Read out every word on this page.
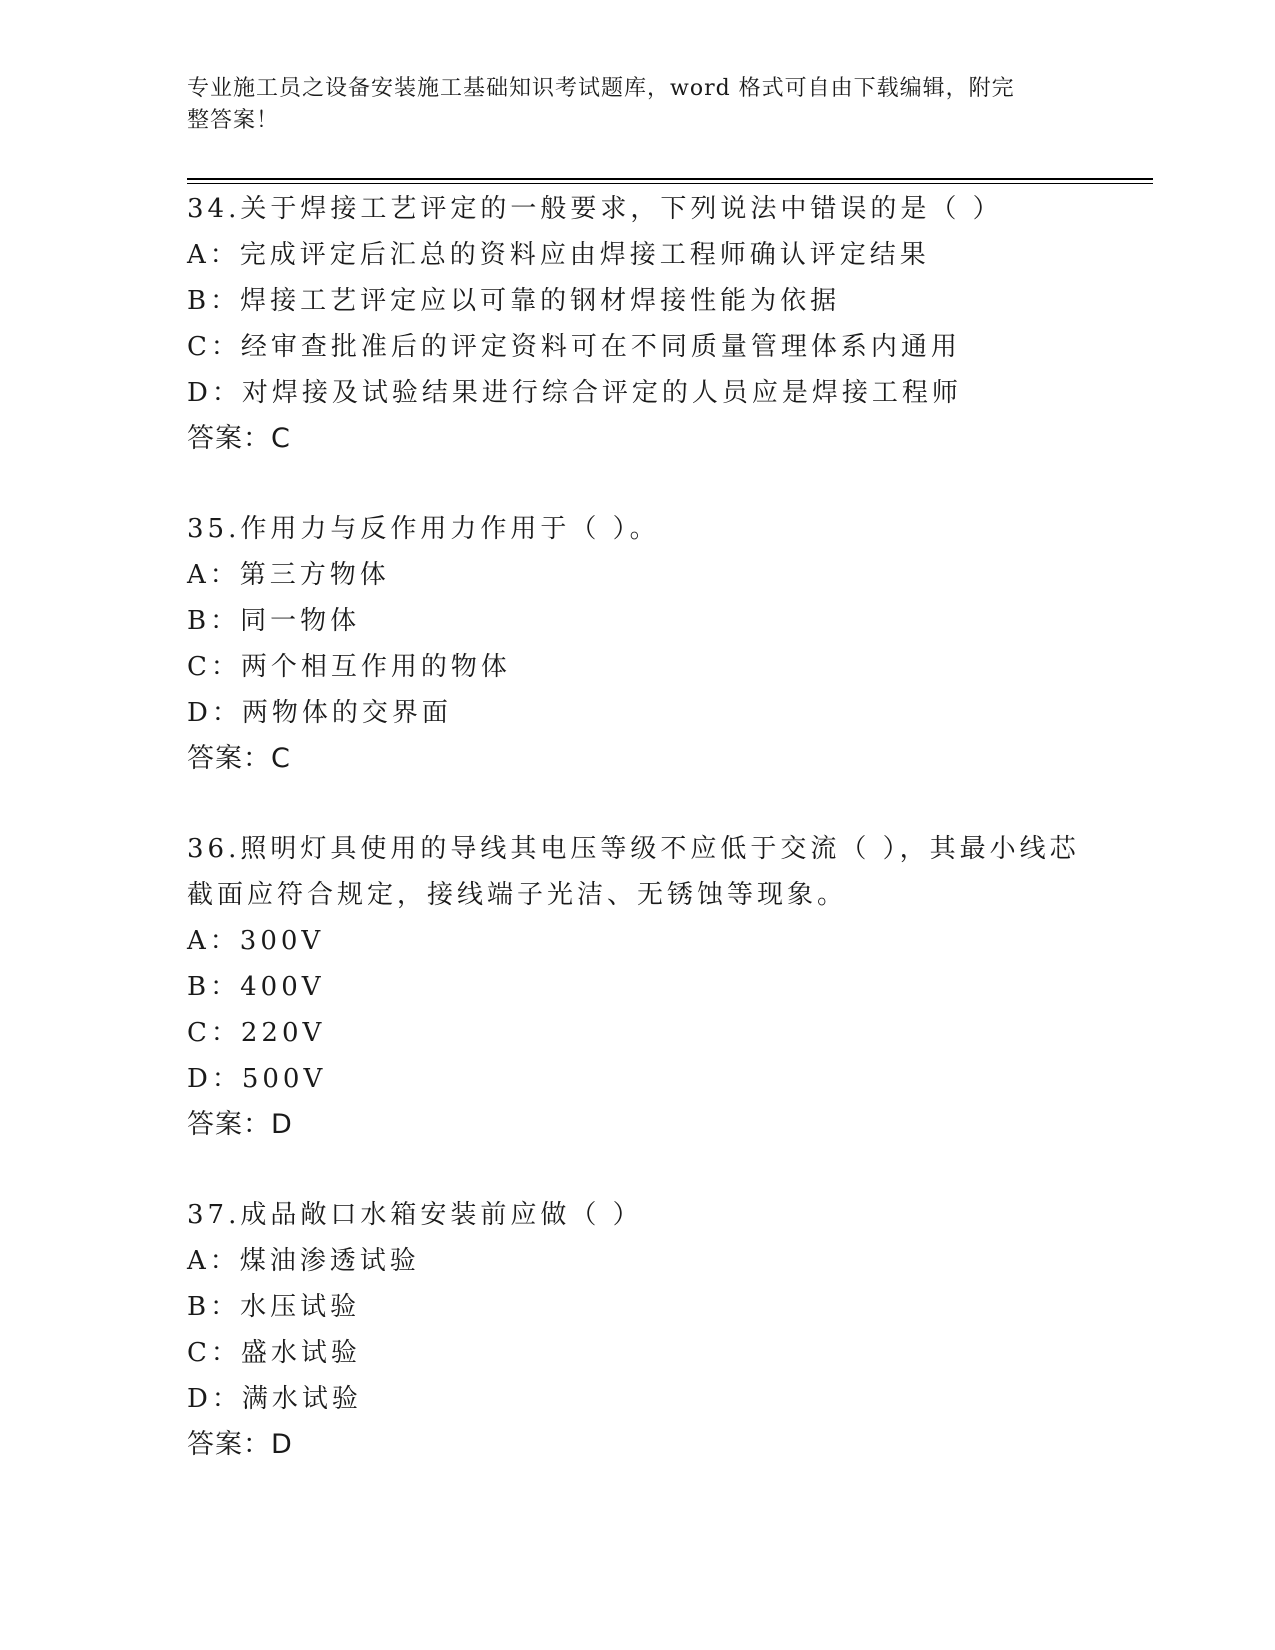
专业施工员之设备安装施工基础知识考试题库，word 格式可自由下载编辑，附完
整答案！
34.关于焊接工艺评定的一般要求，下列说法中错误的是（ ）
A：完成评定后汇总的资料应由焊接工程师确认评定结果
B：焊接工艺评定应以可靠的钢材焊接性能为依据
C：经审查批准后的评定资料可在不同质量管理体系内通用
D：对焊接及试验结果进行综合评定的人员应是焊接工程师
答案：C
35.作用力与反作用力作用于（ ）。
A：第三方物体
B：同一物体
C：两个相互作用的物体
D：两物体的交界面
答案：C
36.照明灯具使用的导线其电压等级不应低于交流（ ），其最小线芯
截面应符合规定，接线端子光洁、无锈蚀等现象。
A：300V
B：400V
C：220V
D：500V
答案：D
37.成品敞口水箱安装前应做（ ）
A：煤油渗透试验
B：水压试验
C：盛水试验
D：满水试验
答案：D
